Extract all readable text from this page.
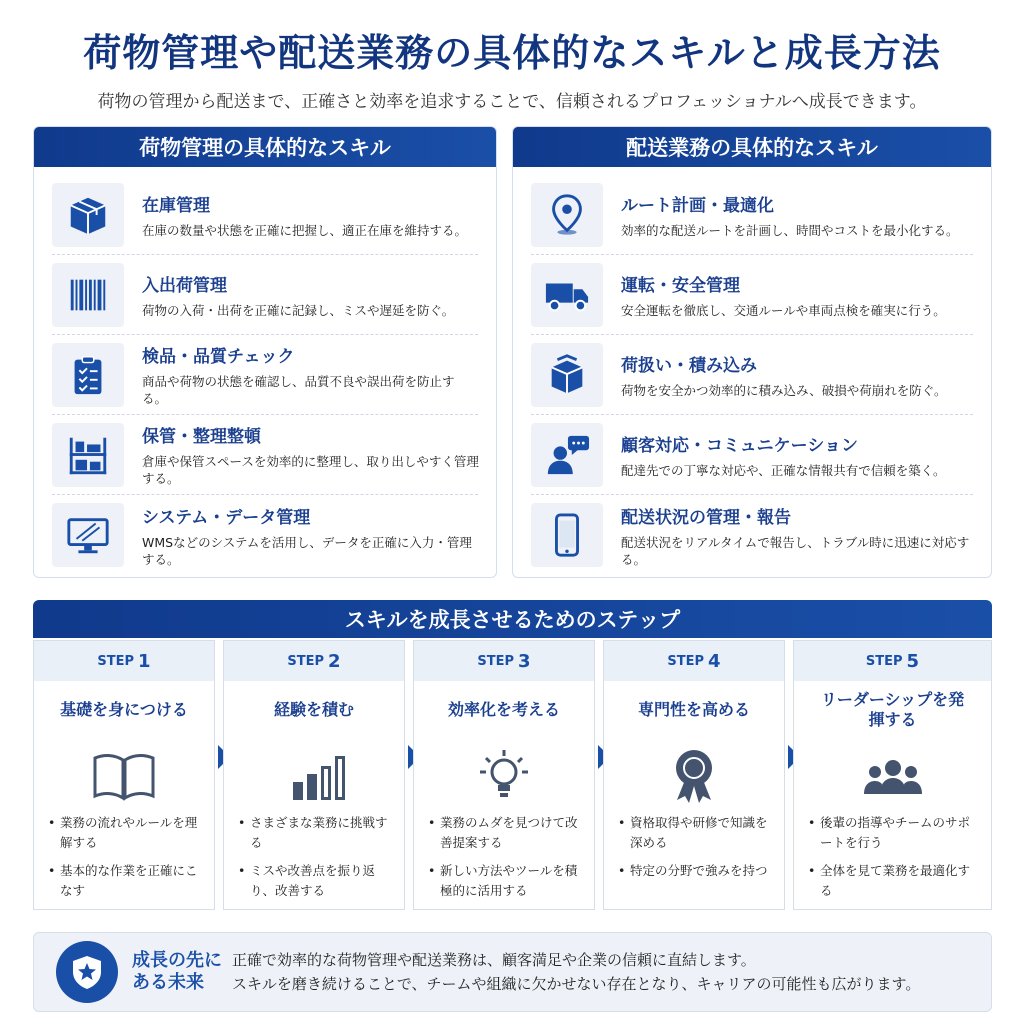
荷物管理や配送業務の具体的なスキルと成長方法
荷物の管理から配送まで、正確さと効率を追求することで、信頼されるプロフェッショナルへ成長できます。
荷物管理の具体的なスキル
在庫管理
在庫の数量や状態を正確に把握し、適正在庫を維持する。
入出荷管理
荷物の入荷・出荷を正確に記録し、ミスや遅延を防ぐ。
検品・品質チェック
商品や荷物の状態を確認し、品質不良や誤出荷を防止する。
保管・整理整頓
倉庫や保管スペースを効率的に整理し、取り出しやすく管理する。
システム・データ管理
WMSなどのシステムを活用し、データを正確に入力・管理する。
配送業務の具体的なスキル
ルート計画・最適化
効率的な配送ルートを計画し、時間やコストを最小化する。
運転・安全管理
安全運転を徹底し、交通ルールや車両点検を確実に行う。
荷扱い・積み込み
荷物を安全かつ効率的に積み込み、破損や荷崩れを防ぐ。
顧客対応・コミュニケーション
配達先での丁寧な対応や、正確な情報共有で信頼を築く。
配送状況の管理・報告
配送状況をリアルタイムで報告し、トラブル時に迅速に対応する。
スキルを成長させるためのステップ
STEP 1
基礎を身につける
• 業務の流れやルールを理解する
• 基本的な作業を正確にこなす
STEP 2
経験を積む
• さまざまな業務に挑戦する
• ミスや改善点を振り返り、改善する
STEP 3
効率化を考える
• 業務のムダを見つけて改善提案する
• 新しい方法やツールを積極的に活用する
STEP 4
専門性を高める
• 資格取得や研修で知識を深める
• 特定の分野で強みを持つ
STEP 5
リーダーシップを発揮する
• 後輩の指導やチームのサポートを行う
• 全体を見て業務を最適化する
成長の先にある未来
正確で効率的な荷物管理や配送業務は、顧客満足や企業の信頼に直結します。
スキルを磨き続けることで、チームや組織に欠かせない存在となり、キャリアの可能性も広がります。
